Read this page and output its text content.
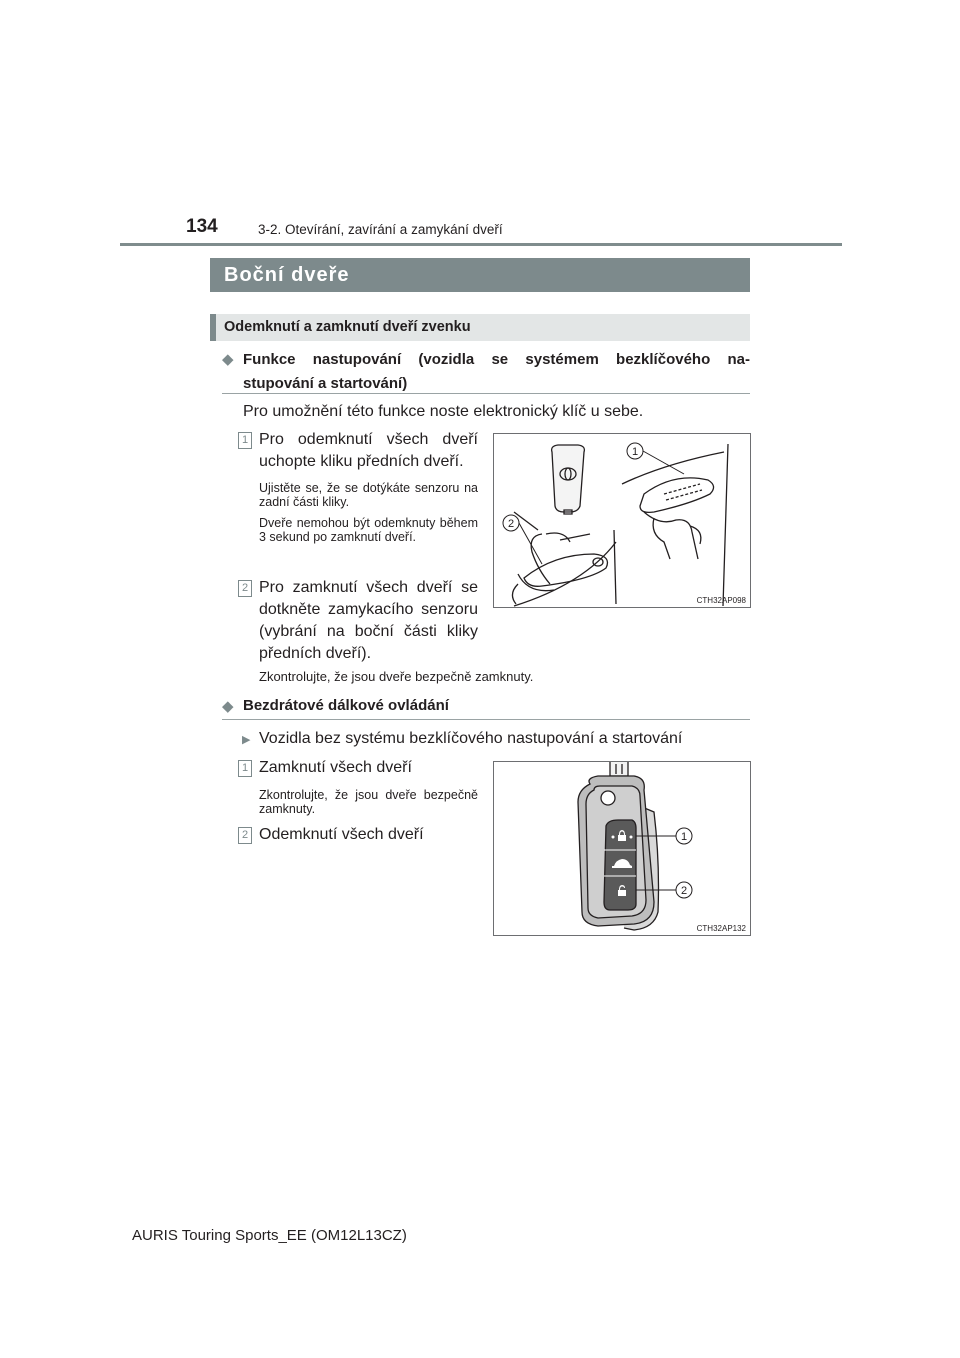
134	3-2. Otevírání, zavírání a zamykání dveří
Boční dveře
Odemknutí a zamknutí dveří zvenku
◆ Funkce nastupování (vozidla se systémem bezklíčového na-
stupování a startování)
Pro umožnění této funkce noste elektronický klíč u sebe.
1 Pro odemknutí všech dveří uchopte kliku předních dveří.
Ujistěte se, že se dotýkáte senzoru na zadní části kliky.
Dveře nemohou být odemknuty během 3 sekund po zamknutí dveří.
2 Pro zamknutí všech dveří se dotkněte zamykacího senzoru (vybrání na boční části kliky předních dveří).
Zkontrolujte, že jsou dveře bezpečně zamknuty.
1
2
CTH32AP098
◆ Bezdrátové dálkové ovládání
▶ Vozidla bez systému bezklíčového nastupování a startování
1 Zamknutí všech dveří
Zkontrolujte, že jsou dveře bezpečně zamknuty.
2 Odemknutí všech dveří	1
2
CTH32AP132
AURIS Touring Sports_EE (OM12L13CZ)
